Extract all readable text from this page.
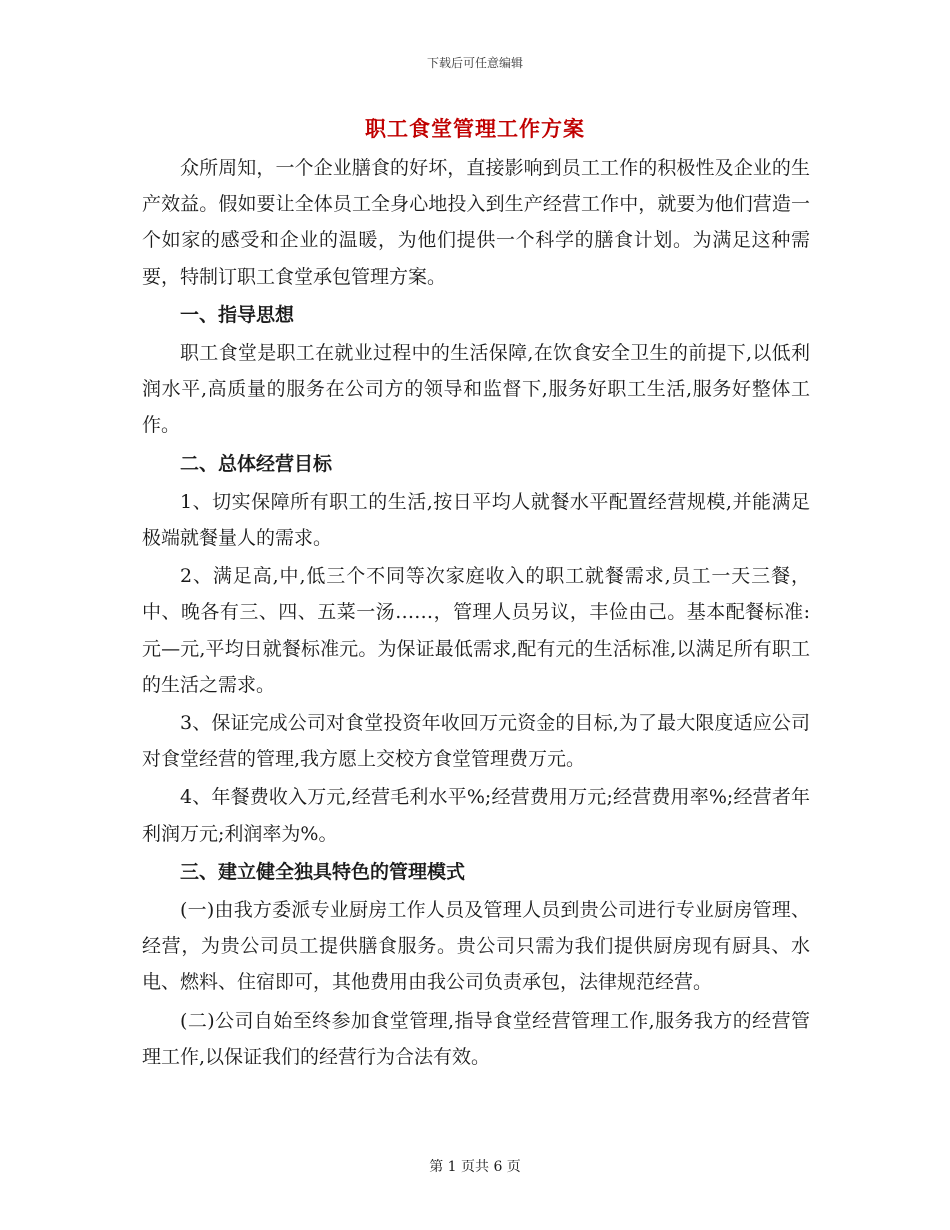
下载后可任意编辑
职工食堂管理工作方案

众所周知，一个企业膳食的好坏，直接影响到员工工作的积极性及企业的生产效益。假如要让全体员工全身心地投入到生产经营工作中，就要为他们营造一个如家的感受和企业的温暖，为他们提供一个科学的膳食计划。为满足这种需要，特制订职工食堂承包管理方案。

一、指导思想

职工食堂是职工在就业过程中的生活保障,在饮食安全卫生的前提下,以低利润水平,高质量的服务在公司方的领导和监督下,服务好职工生活,服务好整体工作。

二、总体经营目标

1、切实保障所有职工的生活,按日平均人就餐水平配置经营规模,并能满足极端就餐量人的需求。

2、满足高,中,低三个不同等次家庭收入的职工就餐需求,员工一天三餐，中、晚各有三、四、五菜一汤……，管理人员另议，丰俭由己。基本配餐标准:元—元,平均日就餐标准元。为保证最低需求,配有元的生活标准,以满足所有职工的生活之需求。

3、保证完成公司对食堂投资年收回万元资金的目标,为了最大限度适应公司对食堂经营的管理,我方愿上交校方食堂管理费万元。

4、年餐费收入万元,经营毛利水平%;经营费用万元;经营费用率%;经营者年利润万元;利润率为%。

三、建立健全独具特色的管理模式

(一)由我方委派专业厨房工作人员及管理人员到贵公司进行专业厨房管理、经营，为贵公司员工提供膳食服务。贵公司只需为我们提供厨房现有厨具、水电、燃料、住宿即可，其他费用由我公司负责承包，法律规范经营。

(二)公司自始至终参加食堂管理,指导食堂经营管理工作,服务我方的经营管理工作,以保证我们的经营行为合法有效。

第 1 页共 6 页
